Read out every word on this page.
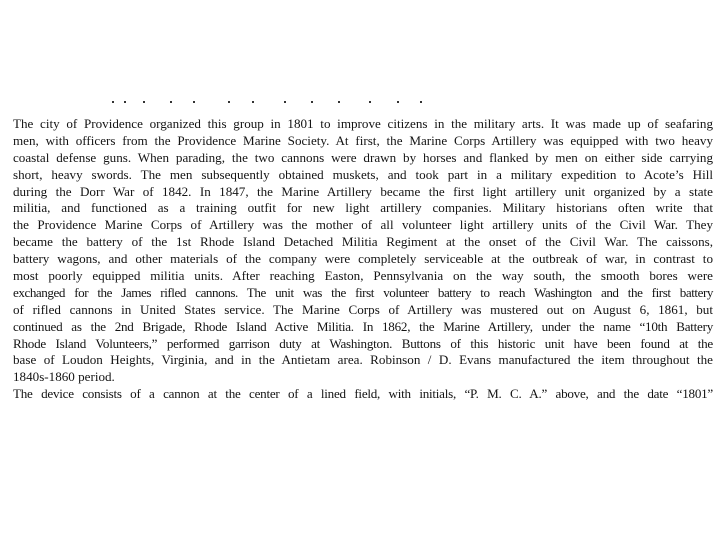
The city of Providence organized this group in 1801 to improve citizens in the military arts. It was made up of seafaring
men, with officers from the Providence Marine Society. At first, the Marine Corps Artillery was equipped with two heavy
coastal defense guns. When parading, the two cannons were drawn by horses and flanked by men on either side carrying
short, heavy swords. The men subsequently obtained muskets, and took part in a military expedition to Acote’s Hill
during the Dorr War of 1842. In 1847, the Marine Artillery became the first light artillery unit organized by a state
militia, and functioned as a training outfit for new light artillery companies. Military historians often write that
the Providence Marine Corps of Artillery was the mother of all volunteer light artillery units of the Civil War. They
became the battery of the 1st Rhode Island Detached Militia Regiment at the onset of the Civil War. The caissons,
battery wagons, and other materials of the company were completely serviceable at the outbreak of war, in contrast to
most poorly equipped militia units. After reaching Easton, Pennsylvania on the way south, the smooth bores were
exchanged for the James rifled cannons. The unit was the first volunteer battery to reach Washington and the first battery
of rifled cannons in United States service. The Marine Corps of Artillery was mustered out on August 6, 1861, but
continued as the 2nd Brigade, Rhode Island Active Militia. In 1862, the Marine Artillery, under the name “10th Battery
Rhode Island Volunteers,” performed garrison duty at Washington. Buttons of this historic unit have been found at the
base of Loudon Heights, Virginia, and in the Antietam area. Robinson / D. Evans manufactured the item throughout the
1840s-1860 period.
The device consists of a cannon at the center of a lined field, with initials, “P. M. C. A.” above, and the date “1801”
